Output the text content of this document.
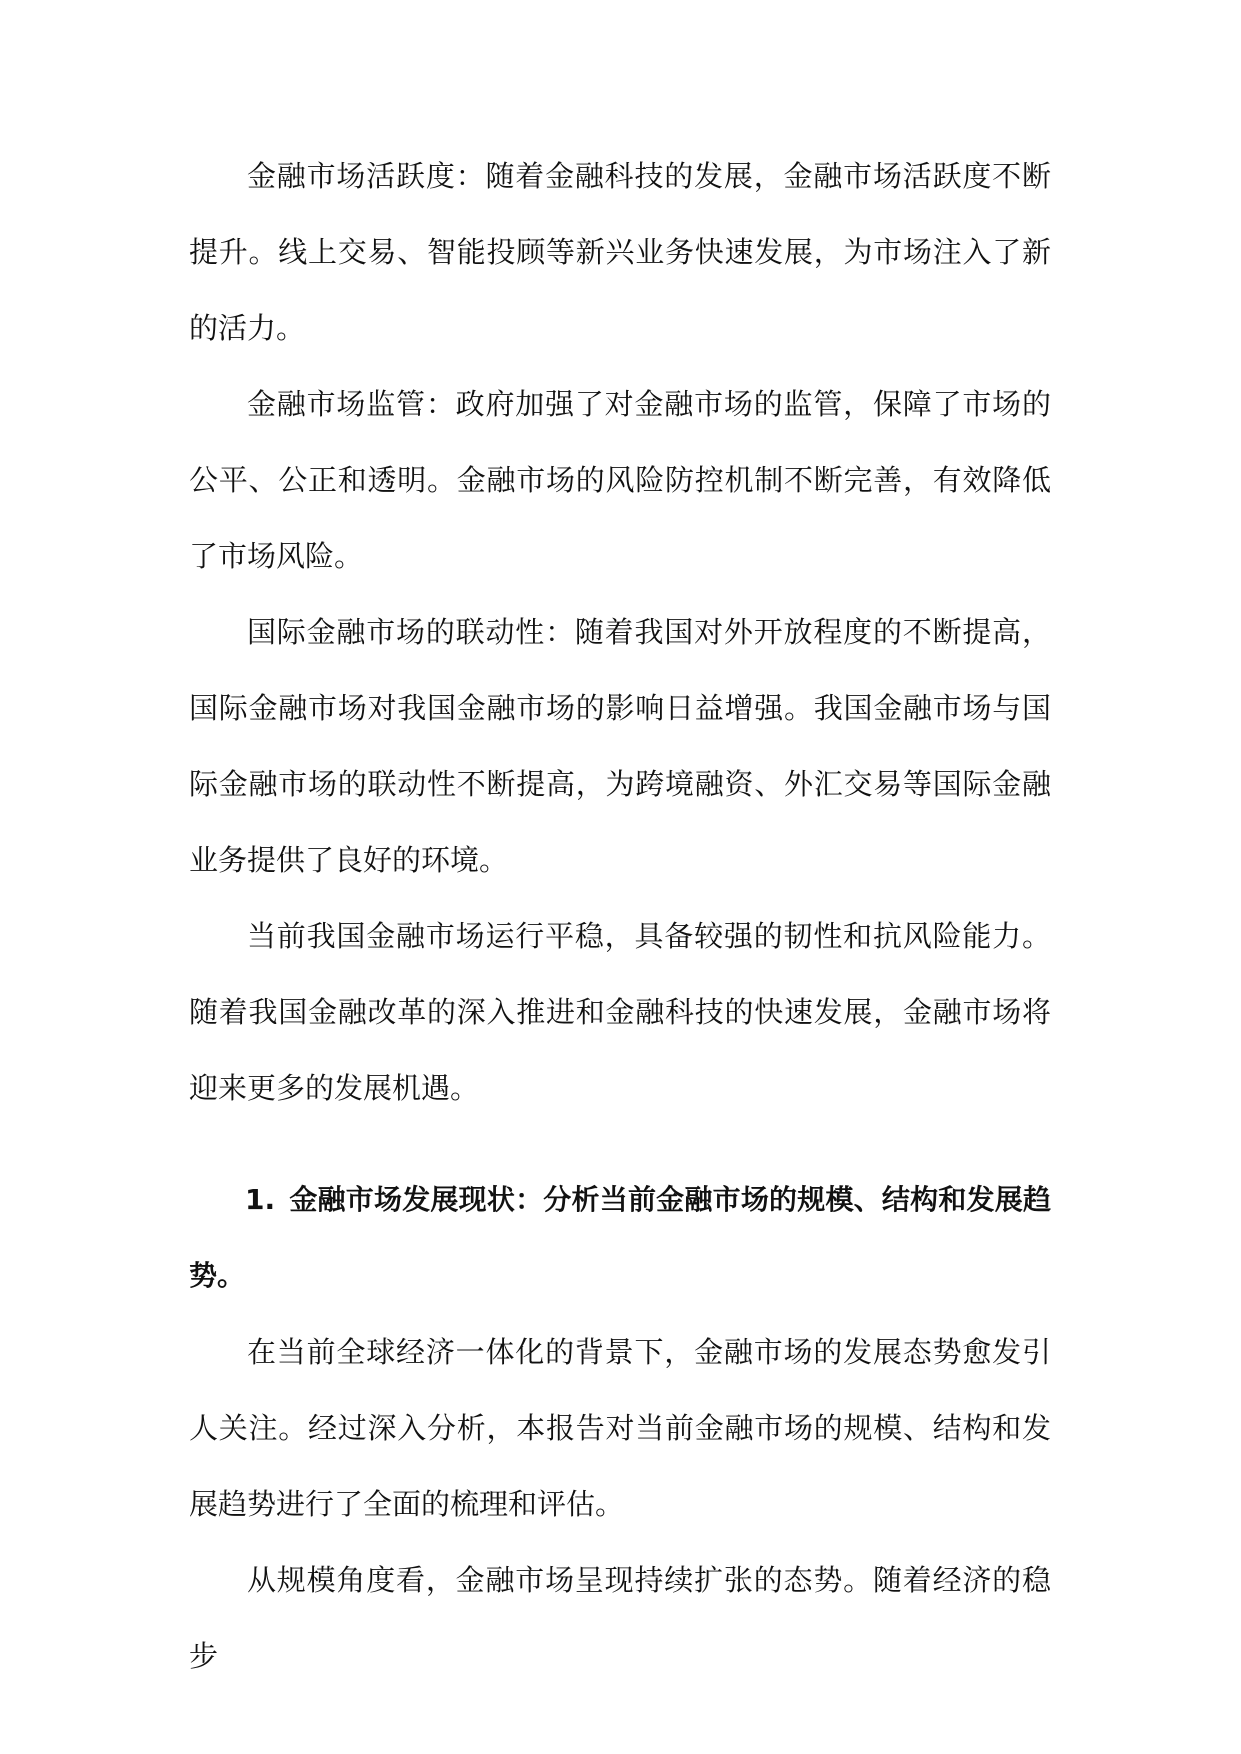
金融市场活跃度：随着金融科技的发展，金融市场活跃度不断提升。线上交易、智能投顾等新兴业务快速发展，为市场注入了新的活力。

金融市场监管：政府加强了对金融市场的监管，保障了市场的公平、公正和透明。金融市场的风险防控机制不断完善，有效降低了市场风险。

国际金融市场的联动性：随着我国对外开放程度的不断提高，国际金融市场对我国金融市场的影响日益增强。我国金融市场与国际金融市场的联动性不断提高，为跨境融资、外汇交易等国际金融业务提供了良好的环境。

当前我国金融市场运行平稳，具备较强的韧性和抗风险能力。随着我国金融改革的深入推进和金融科技的快速发展，金融市场将迎来更多的发展机遇。

1. 金融市场发展现状：分析当前金融市场的规模、结构和发展趋势。

在当前全球经济一体化的背景下，金融市场的发展态势愈发引人关注。经过深入分析，本报告对当前金融市场的规模、结构和发展趋势进行了全面的梳理和评估。

从规模角度看，金融市场呈现持续扩张的态势。随着经济的稳步
